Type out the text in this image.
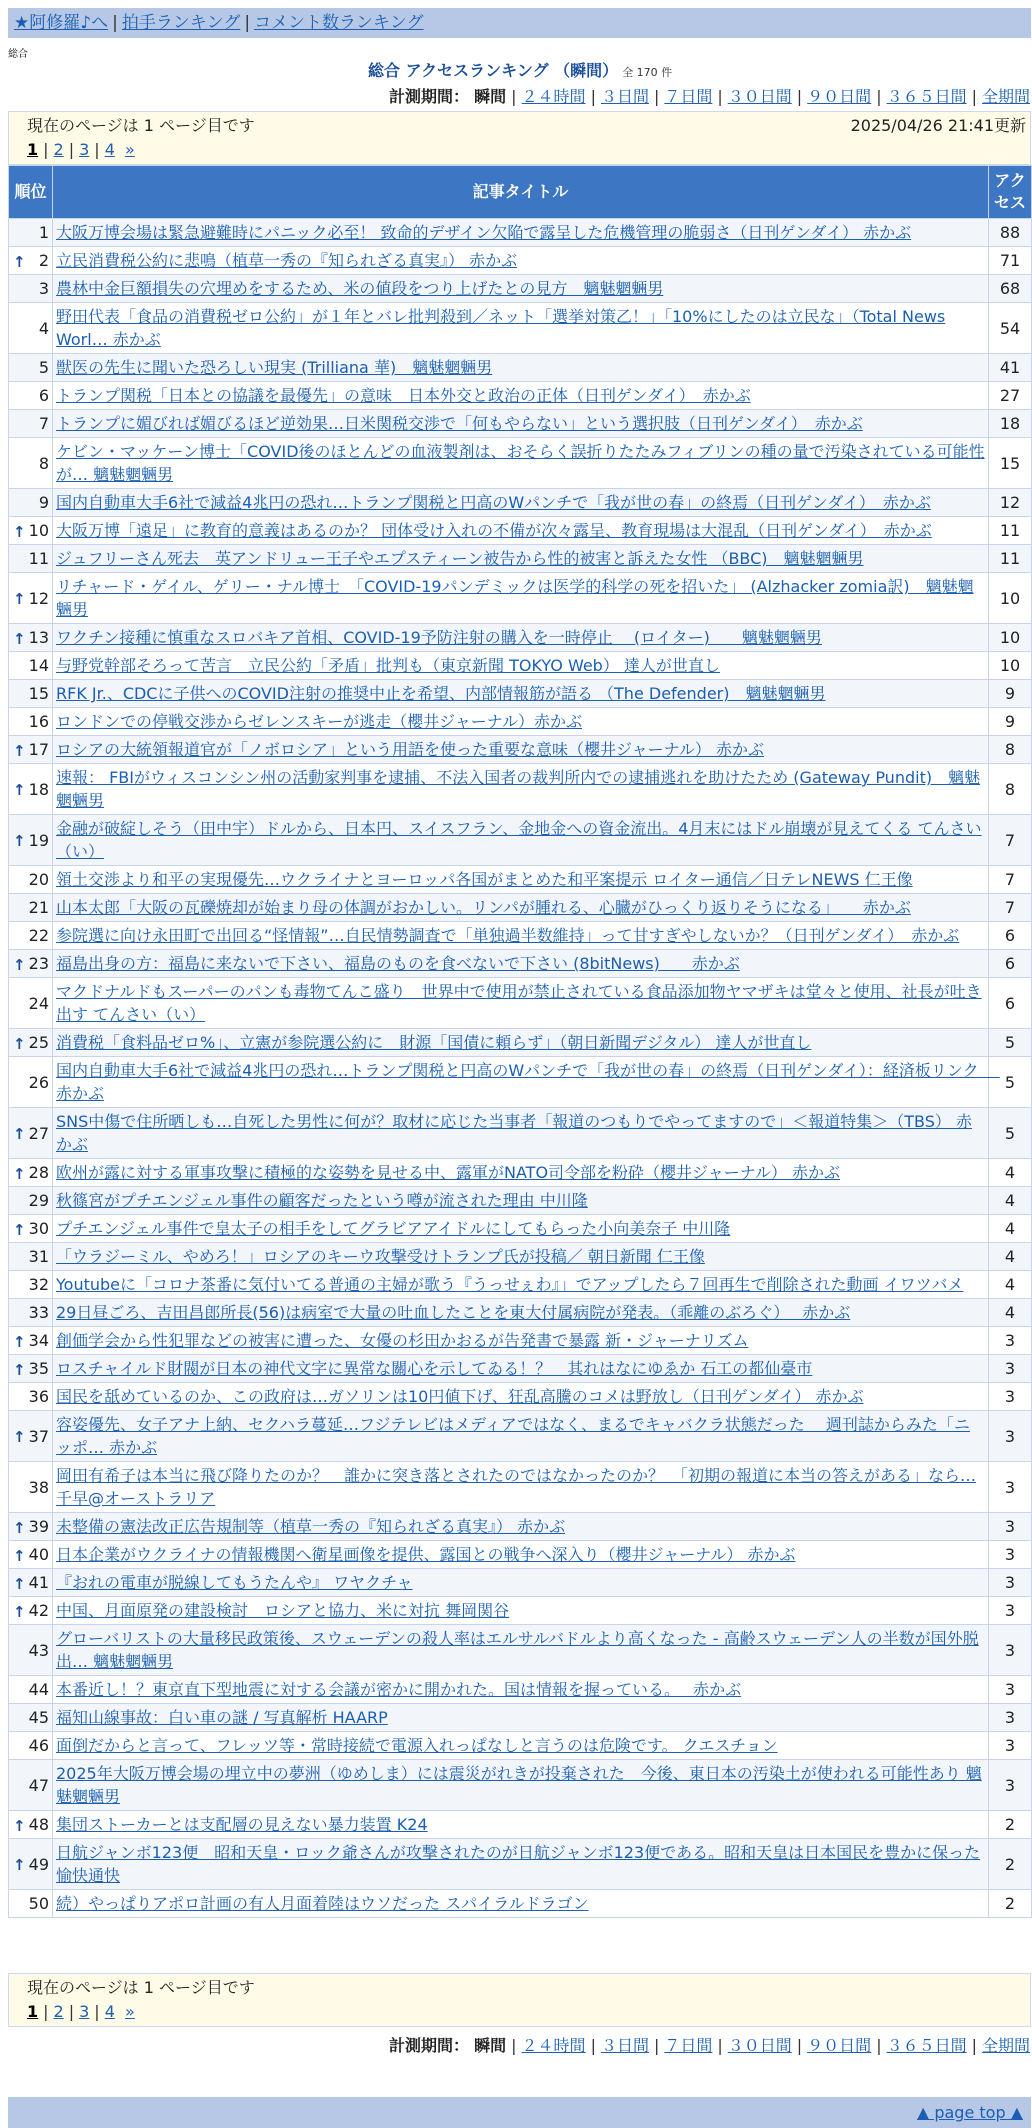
★阿修羅♪へ | 拍手ランキング | コメント数ランキング
総合
総合 アクセスランキング （瞬間） 全 170 件
計測期間： 瞬間 | ２４時間 | ３日間 | ７日間 | ３０日間 | ９０日間 | ３６５日間 | 全期間
現在のページは 1 ページ目です	2025/04/26 21:41更新
1 | 2 | 3 | 4 »
順位	記事タイトル	アクセス
1	大阪万博会場は緊急避難時にパニック必至！ 致命的デザイン欠陥で露呈した危機管理の脆弱さ（日刊ゲンダイ） 赤かぶ	88

↑ 2	立民消費税公約に悲鳴（植草一秀の『知られざる真実』） 赤かぶ	71
3	農林中金巨額損失の穴埋めをするため、米の値段をつり上げたとの見方　魑魅魍魎男	68
4	野田代表「食品の消費税ゼロ公約」が１年とバレ批判殺到／ネット「選挙対策乙！」「10%にしたのは立民な」（Total News Worl… 赤かぶ	54
5	獣医の先生に聞いた恐ろしい現実 (Trilliana 華)　魑魅魍魎男	41
6	トランプ関税「日本との協議を最優先」の意味　日本外交と政治の正体（日刊ゲンダイ）　赤かぶ	27
7	トランプに媚びれば媚びるほど逆効果…日米関税交渉で「何もやらない」という選択肢（日刊ゲンダイ）　赤かぶ	18
8	ケビン・マッケーン博士「COVID後のほとんどの血液製剤は、おそらく誤折りたたみフィブリンの種の量で汚染されている可能性が… 魑魅魍魎男	15
9	国内自動車大手6社で減益4兆円の恐れ…トランプ関税と円高のWパンチで「我が世の春」の終焉（日刊ゲンダイ）　赤かぶ	12

↑ 10	大阪万博「遠足」に教育的意義はあるのか？ 団体受け入れの不備が次々露呈、教育現場は大混乱（日刊ゲンダイ）　赤かぶ	11
11	ジュフリーさん死去　英アンドリュー王子やエプスティーン被告から性的被害と訴えた女性 （BBC)　魑魅魍魎男	11

↑ 12	リチャード・ゲイル、ゲリー・ナル博士　「COVID-19パンデミックは医学的科学の死を招いた」 (Alzhacker zomia訳)　魑魅魍魎男	10

↑ 13	ワクチン接種に慎重なスロバキア首相、COVID-19予防注射の購入を一時停止 　(ロイター)　　魑魅魍魎男	10
14	与野党幹部そろって苦言　立民公約「矛盾」批判も（東京新聞 TOKYO Web） 達人が世直し	10
15	RFK Jr.、CDCに子供へのCOVID注射の推奨中止を希望、内部情報筋が語る （The Defender)　魑魅魍魎男	9
16	ロンドンでの停戦交渉からゼレンスキーが逃走（櫻井ジャーナル）赤かぶ	9

↑ 17	ロシアの大統領報道官が「ノボロシア」という用語を使った重要な意味（櫻井ジャーナル） 赤かぶ	8

↑ 18	速報： FBIがウィスコンシン州の活動家判事を逮捕、不法入国者の裁判所内での逮捕逃れを助けたため (Gateway Pundit)　魑魅魍魎男	8

↑ 19	金融が破綻しそう（田中宇）ドルから、日本円、スイスフラン、金地金への資金流出。4月末にはドル崩壊が見えてくる てんさい（い）	7
20	領土交渉より和平の実現優先…ウクライナとヨーロッパ各国がまとめた和平案提示 ロイター通信／日テレNEWS 仁王像	7
21	山本太郎「大阪の瓦礫焼却が始まり母の体調がおかしい。リンパが腫れる、心臓がひっくり返りそうになる」　　赤かぶ	7
22	参院選に向け永田町で出回る“怪情報”…自民情勢調査で「単独過半数維持」って甘すぎやしないか？（日刊ゲンダイ）　赤かぶ	6

↑ 23	福島出身の方：福島に来ないで下さい、福島のものを食べないで下さい (8bitNews)　　赤かぶ	6
24	マクドナルドもスーパーのパンも毒物てんこ盛り　世界中で使用が禁止されている食品添加物ヤマザキは堂々と使用、社長が吐き出す てんさい（い）	6

↑ 25	消費税「食料品ゼロ%」、立憲が参院選公約に　財源「国債に頼らず」（朝日新聞デジタル） 達人が世直し	5
26	国内自動車大手6社で減益4兆円の恐れ…トランプ関税と円高のWパンチで「我が世の春」の終焉（日刊ゲンダイ）：経済板リンク　 赤かぶ	5

↑ 27	SNS中傷で住所晒しも…自死した男性に何が？取材に応じた当事者「報道のつもりでやってますので」＜報道特集＞（TBS） 赤かぶ	5

↑ 28	欧州が露に対する軍事攻撃に積極的な姿勢を見せる中、露軍がNATO司令部を粉砕（櫻井ジャーナル） 赤かぶ	4
29	秋篠宮がプチエンジェル事件の顧客だったという噂が流された理由 中川隆	4

↑ 30	プチエンジェル事件で皇太子の相手をしてグラビアアイドルにしてもらった小向美奈子 中川隆	4
31	「ウラジーミル、やめろ！」ロシアのキーウ攻撃受けトランプ氏が投稿／ 朝日新聞 仁王像	4
32	Youtubeに「コロナ茶番に気付いてる普通の主婦が歌う『うっせぇわ』」でアップしたら７回再生で削除された動画 イワツバメ	4
33	29日昼ごろ、吉田昌郎所長(56)は病室で大量の吐血したことを東大付属病院が発表。（乖離のぶろぐ）　 赤かぶ	4

↑ 34	創価学会から性犯罪などの被害に遭った、女優の杉田かおるが告発書で暴露 新・ジャーナリズム	3

↑ 35	ロスチャイルド財閥が日本の神代文字に異常な關心を示してゐる！？　其れはなにゆゑか 石工の都仙臺市	3
36	国民を舐めているのか、この政府は…ガソリンは10円値下げ、狂乱高騰のコメは野放し（日刊ゲンダイ） 赤かぶ	3

↑ 37	容姿優先、女子アナ上納、セクハラ蔓延…フジテレビはメディアではなく、まるでキャバクラ状態だった　 週刊誌からみた「ニッポ… 赤かぶ	3
38	岡田有希子は本当に飛び降りたのか？　誰かに突き落とされたのではなかったのか？　「初期の報道に本当の答えがある」なら… 千早@オーストラリア	3

↑ 39	未整備の憲法改正広告規制等（植草一秀の『知られざる真実』） 赤かぶ	3

↑ 40	日本企業がウクライナの情報機関へ衛星画像を提供、露国との戦争へ深入り（櫻井ジャーナル） 赤かぶ	3

↑ 41	『おれの電車が脱線してもうたんや』 ワヤクチャ	3

↑ 42	中国、月面原発の建設検討　ロシアと協力、米に対抗 舞岡関谷	3
43	グローバリストの大量移民政策後、スウェーデンの殺人率はエルサルバドルより高くなった - 高齢スウェーデン人の半数が国外脱出… 魑魅魍魎男	3
44	本番近し！？東京直下型地震に対する会議が密かに開かれた。国は情報を握っている。　 赤かぶ	3
45	福知山線事故：白い車の謎 / 写真解析 HAARP	3
46	面倒だからと言って、フレッツ等・常時接続で電源入れっぱなしと言うのは危険です。 クエスチョン	3
47	2025年大阪万博会場の埋立中の夢洲（ゆめしま）には震災がれきが投棄された　今後、東日本の汚染土が使われる可能性あり 魑魅魍魎男	3

↑ 48	集団ストーカーとは支配層の見えない暴力装置 K24	2

↑ 49	日航ジャンボ123便　昭和天皇・ロック爺さんが攻撃されたのが日航ジャンボ123便である。昭和天皇は日本国民を豊かに保った愉快通快	2
50	続）やっぱりアポロ計画の有人月面着陸はウソだった スパイラルドラゴン	2
現在のページは 1 ページ目です
1 | 2 | 3 | 4 »
計測期間： 瞬間 | ２４時間 | ３日間 | ７日間 | ３０日間 | ９０日間 | ３６５日間 | 全期間
▲ page top ▲
